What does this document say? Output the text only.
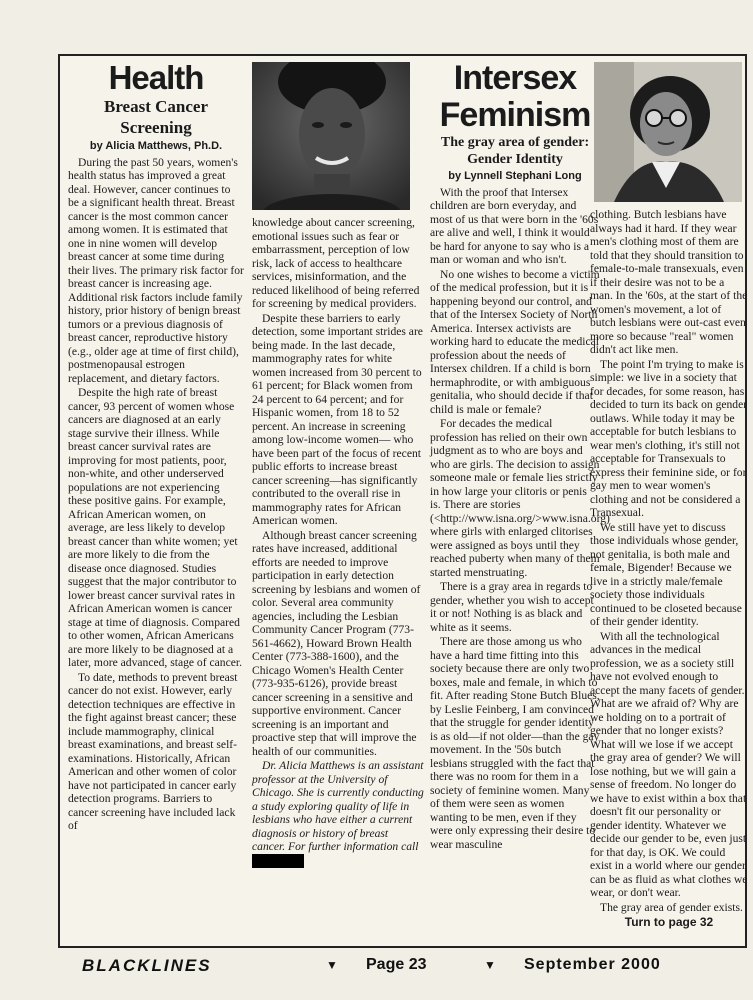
Health
Breast Cancer
Screening
by Alicia Matthews, Ph.D.

During the past 50 years, women's health status has improved a great deal. However, cancer continues to be a significant health threat. Breast cancer is the most common cancer among women. It is estimated that one in nine women will develop breast cancer at some time during their lives. The primary risk factor for breast cancer is increasing age. Additional risk factors include family history, prior history of benign breast tumors or a previous diagnosis of breast cancer, reproductive history (e.g., older age at time of first child), postmenopausal estrogen replacement, and dietary factors.

Despite the high rate of breast cancer, 93 percent of women whose cancers are diagnosed at an early stage survive their illness. While breast cancer survival rates are improving for most patients, poor, non-white, and other underserved populations are not experiencing these positive gains. For example, African American women, on average, are less likely to develop breast cancer than white women; yet are more likely to die from the disease once diagnosed. Studies suggest that the major contributor to lower breast cancer survival rates in African American women is cancer stage at time of diagnosis. Compared to other women, African Americans are more likely to be diagnosed at a later, more advanced, stage of cancer.

To date, methods to prevent breast cancer do not exist. However, early detection techniques are effective in the fight against breast cancer; these include mammography, clinical breast examinations, and breast self-examinations. Historically, African American and other women of color have not participated in cancer early detection programs. Barriers to cancer screening have included lack of

knowledge about cancer screening, emotional issues such as fear or embarrassment, perception of low risk, lack of access to healthcare services, misinformation, and the reduced likelihood of being referred for screening by medical providers.

Despite these barriers to early detection, some important strides are being made. In the last decade, mammography rates for white women increased from 30 percent to 61 percent; for Black women from 24 percent to 64 percent; and for Hispanic women, from 18 to 52 percent. An increase in screening among low-income women— who have been part of the focus of recent public efforts to increase breast cancer screening—has significantly contributed to the overall rise in mammography rates for African American women.

Although breast cancer screening rates have increased, additional efforts are needed to improve participation in early detection screening by lesbians and women of color. Several area community agencies, including the Lesbian Community Cancer Program (773-561-4662), Howard Brown Health Center (773-388-1600), and the Chicago Women's Health Center (773-935-6126), provide breast cancer screening in a sensitive and supportive environment. Cancer screening is an important and proactive step that will improve the health of our communities.

Dr. Alicia Matthews is an assistant professor at the University of Chicago. She is currently conducting a study exploring quality of life in lesbians who have either a current diagnosis or history of breast cancer. For further information call

Intersex
Feminism
The gray area of gender:
Gender Identity
by Lynnell Stephani Long

With the proof that Intersex children are born everyday, and most of us that were born in the '60s are alive and well, I think it would be hard for anyone to say who is a man or woman and who isn't.

No one wishes to become a victim of the medical profession, but it is happening beyond our control, and that of the Intersex Society of North America. Intersex activists are working hard to educate the medical profession about the needs of Intersex children. If a child is born hermaphrodite, or with ambiguous genitalia, who should decide if that child is male or female?

For decades the medical profession has relied on their own judgment as to who are boys and who are girls. The decision to assign someone male or female lies strictly in how large your clitoris or penis is. There are stories (<http://www.isna.org/>www.isna.org) where girls with enlarged clitorises were assigned as boys until they reached puberty when many of them started menstruating.

There is a gray area in regards to gender, whether you wish to accept it or not! Nothing is as black and white as it seems.

There are those among us who have a hard time fitting into this society because there are only two boxes, male and female, in which to fit. After reading Stone Butch Blues, by Leslie Feinberg, I am convinced that the struggle for gender identity is as old—if not older—than the gay movement. In the '50s butch lesbians struggled with the fact that there was no room for them in a society of feminine women. Many of them were seen as women wanting to be men, even if they were only expressing their desire to wear masculine

clothing. Butch lesbians have always had it hard. If they wear men's clothing most of them are told that they should transition to female-to-male transexuals, even if their desire was not to be a man. In the '60s, at the start of the women's movement, a lot of butch lesbians were out-cast even more so because "real" women didn't act like men.

The point I'm trying to make is simple: we live in a society that for decades, for some reason, has decided to turn its back on gender outlaws. While today it may be acceptable for butch lesbians to wear men's clothing, it's still not acceptable for Transexuals to express their feminine side, or for gay men to wear women's clothing and not be considered a Transexual.

We still have yet to discuss those individuals whose gender, not genitalia, is both male and female, Bigender! Because we live in a strictly male/female society those individuals continued to be closeted because of their gender identity.

With all the technological advances in the medical profession, we as a society still have not evolved enough to accept the many facets of gender. What are we afraid of? Why are we holding on to a portrait of gender that no longer exists? What will we lose if we accept the gray area of gender? We will lose nothing, but we will gain a sense of freedom. No longer do we have to exist within a box that doesn't fit our personality or gender identity. Whatever we decide our gender to be, even just for that day, is OK. We could exist in a world where our gender can be as fluid as what clothes we wear, or don't wear.

The gray area of gender exists.

Turn to page 32
BLACKLINES	▼ Page 23	▼ September 2000
